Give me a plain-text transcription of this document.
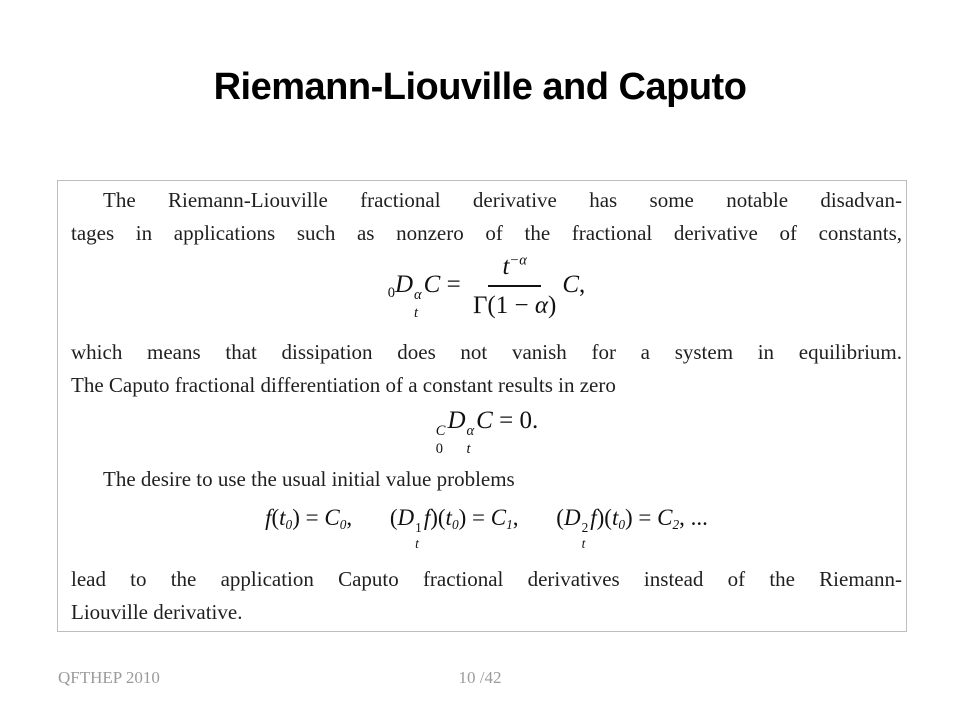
Riemann-Liouville and Caputo
The Riemann-Liouville fractional derivative has some notable disadvan-
tages in applications such as nonzero of the fractional derivative of constants,
$_0$D α
t
$C = \frac{t^{-\alpha}}{\Gamma(1 - \alpha)} C$,
which means that dissipation does not vanish for a system in equilibrium.
The Caputo fractional differentiation of a constant results in zero
C
0
D α
t
C = 0.
The desire to use the usual initial value problems
$f(t_0) = C_0$, (D 1
t
$f)(t_0) = C_1$, (D 2
t
$f)(t_0) = C_2$, ...
lead to the application Caputo fractional derivatives instead of the Riemann-
Liouville derivative.
QFTHEP 2010	10 /42
